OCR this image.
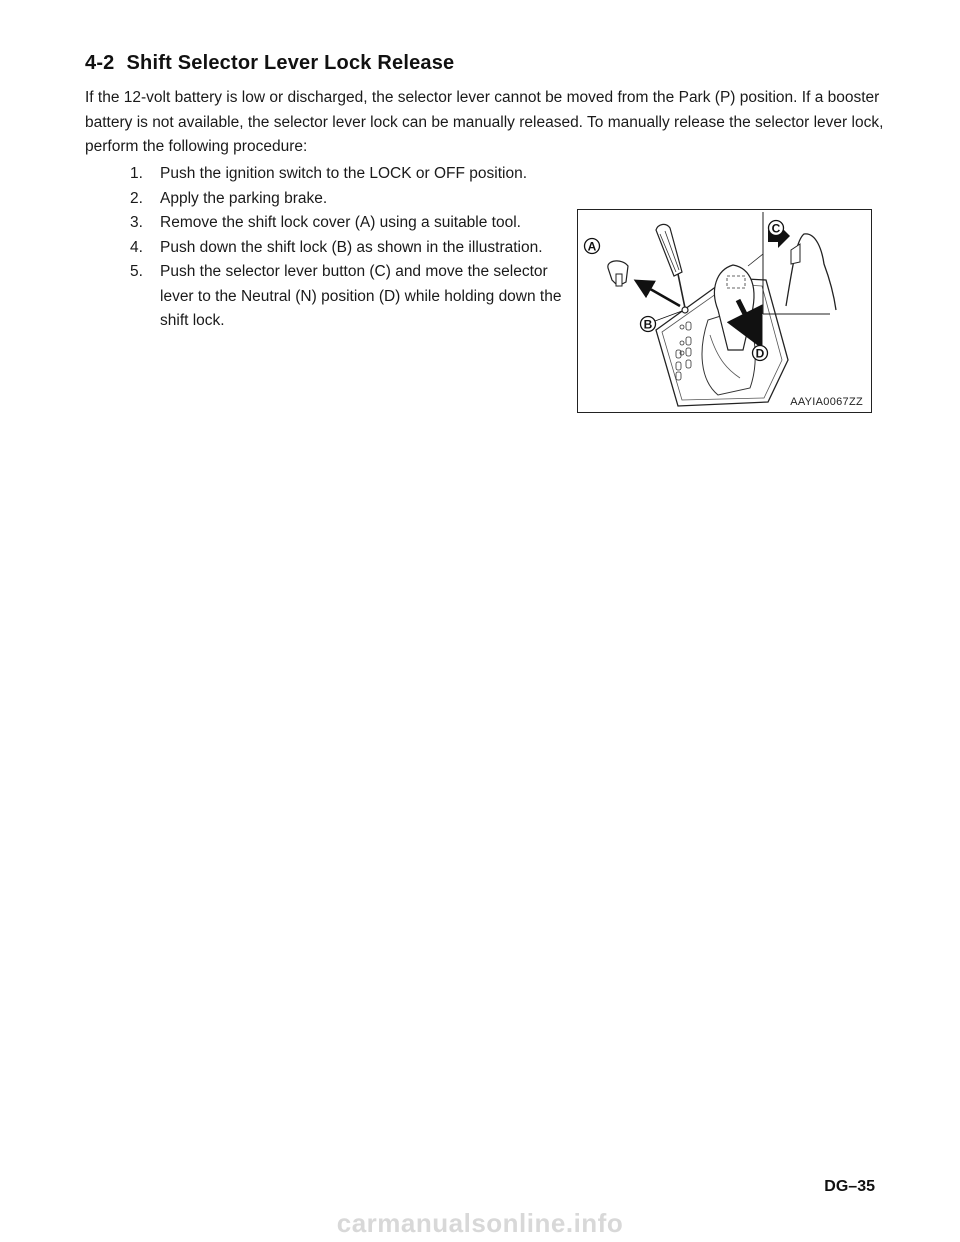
4-2 Shift Selector Lever Lock Release

If the 12-volt battery is low or discharged, the selector lever cannot be moved from the Park (P) position. If a booster battery is not available, the selector lever lock can be manually released. To manually release the selector lever lock, perform the following procedure:

1. Push the ignition switch to the LOCK or OFF position.
2. Apply the parking brake.
3. Remove the shift lock cover (A) using a suitable tool.
4. Push down the shift lock (B) as shown in the illustration.
5. Push the selector lever button (C) and move the selector lever to the Neutral (N) position (D) while holding down the shift lock.
A
B
C
D
AAYIA0067ZZ
DG–35
carmanualsonline.info
